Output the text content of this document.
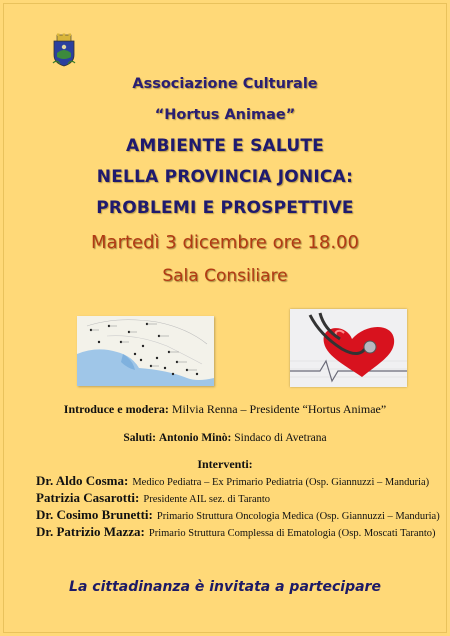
Associazione Culturale
“Hortus Animae”
AMBIENTE E SALUTE
NELLA PROVINCIA JONICA:
PROBLEMI E PROSPETTIVE
Martedì 3 dicembre ore 18.00
Sala Consiliare
Introduce e modera: Milvia Renna – Presidente “Hortus Animae”
Saluti: Antonio Minò: Sindaco di Avetrana
Interventi:
Dr. Aldo Cosma: Medico Pediatra – Ex Primario Pediatria (Osp. Giannuzzi – Manduria)
Patrizia Casarotti: Presidente AIL sez. di Taranto
Dr. Cosimo Brunetti: Primario Struttura Oncologia Medica (Osp. Giannuzzi – Manduria)
Dr. Patrizio Mazza: Primario Struttura Complessa di Ematologia (Osp. Moscati Taranto)
La cittadinanza è invitata a partecipare
